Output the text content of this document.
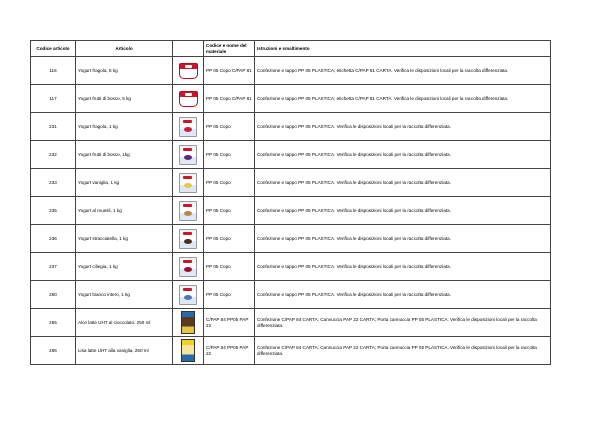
Codice articolo	Articolo		Codice e nome del materiale	Istruzioni e smaltimento
116	Yogurt fragola, 5 kg		PP 05 Copo C/PAP 81	Confezione e tappo PP 05 PLASTICA; etichetta C/PAP 81 CARTA. Verifica le disposizioni locali per la raccolta differenziata.
117	Yogurt frutti di bosco, 5 kg		PP 05 Copo C/PAP 81	Confezione e tappo PP 05 PLASTICA; etichetta C/PAP 81 CARTA. Verifica le disposizioni locali per la raccolta differenziata.
231	Yogurt fragola, 1 kg		PP 05 Copo	Confezione e tappo PP 05 PLASTICA. Verifica le disposizioni locali per la raccolta differenziata.
232	Yogurt frutti di bosco, 1kg		PP 05 Copo	Confezione e tappo PP 05 PLASTICA. Verifica le disposizioni locali per la raccolta differenziata.
233	Yogurt vaniglia, 1 kg		PP 05 Copo	Confezione e tappo PP 05 PLASTICA. Verifica le disposizioni locali per la raccolta differenziata.
235	Yogurt al muesli, 1 kg		PP 05 Copo	Confezione e tappo PP 05 PLASTICA. Verifica le disposizioni locali per la raccolta differenziata.
236	Yogurt stracciatella, 1 kg		PP 05 Copo	Confezione e tappo PP 05 PLASTICA. Verifica le disposizioni locali per la raccolta differenziata.
237	Yogurt ciliegia, 1 kg		PP 05 Copo	Confezione e tappo PP 05 PLASTICA. Verifica le disposizioni locali per la raccolta differenziata.
260	Yogurt bianco intero, 1 kg		PP 05 Copo	Confezione e tappo PP 05 PLASTICA. Verifica le disposizioni locali per la raccolta differenziata.
265	Alce latte UHT al cioccolato, 250 ml		C/PAP 84 PP05 PAP 22	Confezione C/PAP 84 CARTA; Cannuccia PAP 22 CARTA; Porta cannuccia PP 05 PLASTICA. Verifica le disposizioni locali per la raccolta differenziata.
266	Lisa latte UHT alla vaniglia, 250 ml		C/PAP 84 PP05 PAP 22	Confezione C/PAP 84 CARTA; Cannuccia PAP 22 CARTA; Porta cannuccia PP 05 PLASTICA. Verifica le disposizioni locali per la raccolta differenziata.
